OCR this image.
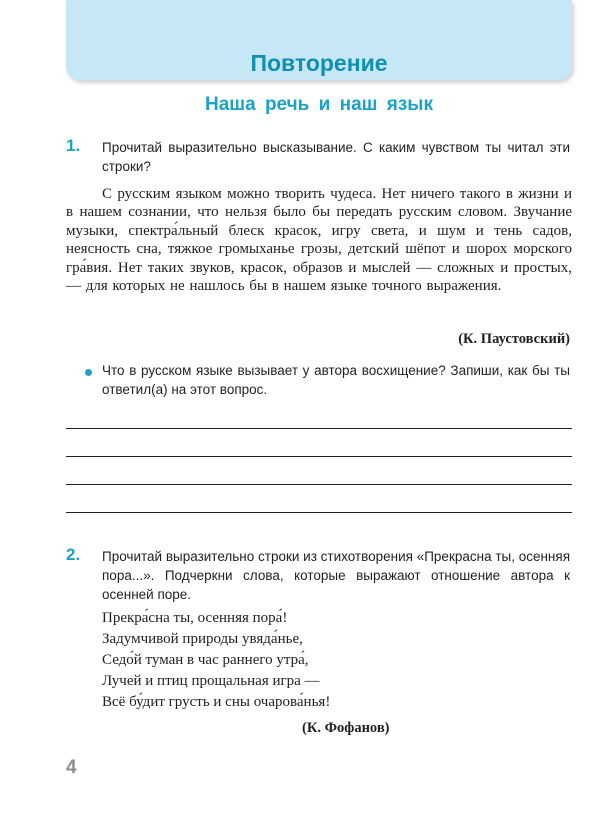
Повторение
Наша речь и наш язык
1. Прочитай выразительно высказывание. С каким чувством ты читал эти строки?
С русским языком можно творить чудеса. Нет ничего такого в жизни и в нашем сознании, что нельзя было бы передать русским словом. Звучание музыки, спектра́льный блеск красок, игру света, и шум и тень садов, неясность сна, тяжкое громыханье грозы, детский шёпот и шорох морского гра́вия. Нет таких звуков, красок, образов и мыслей — сложных и простых, — для которых не нашлось бы в нашем языке точного выражения.
(К. Паустовский)
Что в русском языке вызывает у автора восхищение? Запиши, как бы ты ответил(а) на этот вопрос.
2. Прочитай выразительно строки из стихотворения «Прекрасна ты, осенняя пора...». Подчеркни слова, которые выражают отношение автора к осенней поре.
Прекра́сна ты, осенняя пора́!
Задумчивой природы увяда́нье,
Седо́й туман в час раннего утра́,
Лучей и птиц прощальная игра —
Всё бу́дит грусть и сны очарова́нья!
(К. Фофанов)
4
